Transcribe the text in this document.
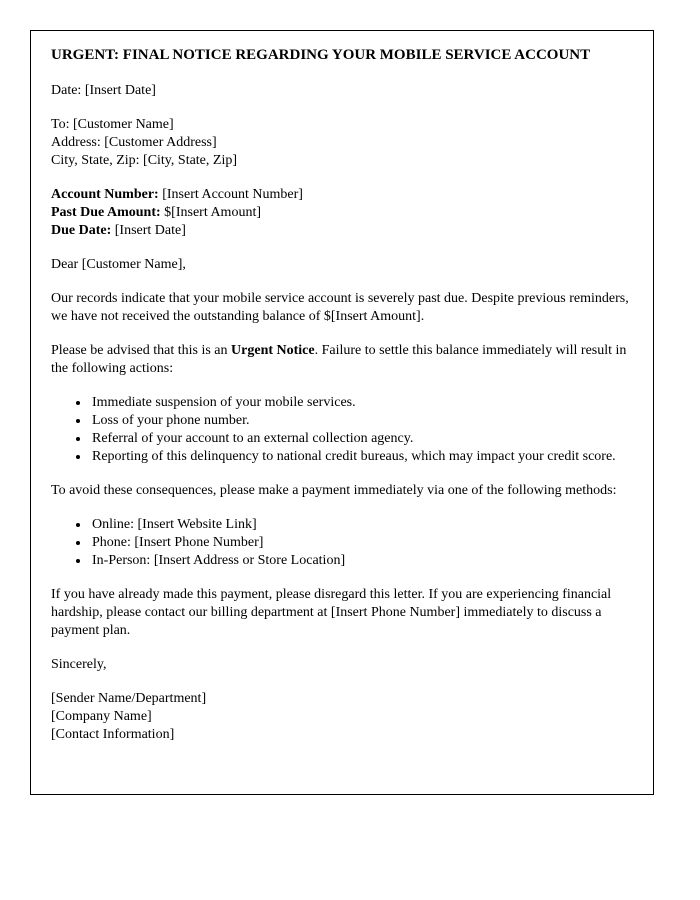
URGENT: FINAL NOTICE REGARDING YOUR MOBILE SERVICE ACCOUNT

Date: [Insert Date]

To: [Customer Name]
Address: [Customer Address]
City, State, Zip: [City, State, Zip]
Account Number: [Insert Account Number]
Past Due Amount: $[Insert Amount]
Due Date: [Insert Date]

Dear [Customer Name],

Our records indicate that your mobile service account is severely past due. Despite previous reminders, we have not received the outstanding balance of $[Insert Amount].

Please be advised that this is an Urgent Notice. Failure to settle this balance immediately will result in the following actions:

• Immediate suspension of your mobile services.
• Loss of your phone number.
• Referral of your account to an external collection agency.
• Reporting of this delinquency to national credit bureaus, which may impact your credit score.

To avoid these consequences, please make a payment immediately via one of the following methods:

• Online: [Insert Website Link]
• Phone: [Insert Phone Number]
• In-Person: [Insert Address or Store Location]

If you have already made this payment, please disregard this letter. If you are experiencing financial hardship, please contact our billing department at [Insert Phone Number] immediately to discuss a payment plan.

Sincerely,

[Sender Name/Department]
[Company Name]
[Contact Information]
